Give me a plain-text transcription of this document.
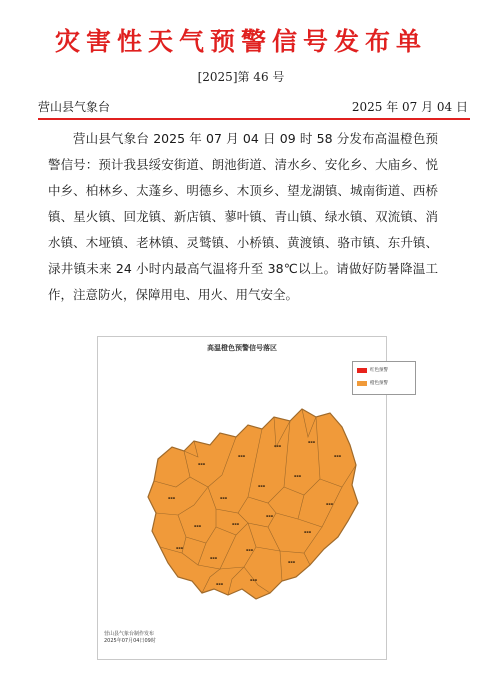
灾害性天气预警信号发布单
[2025]第 46 号
营山县气象台	2025 年 07 月 04 日
营山县气象台 2025 年 07 月 04 日 09 时 58 分发布高温橙色预警信号：预计我县绥安街道、朗池街道、清水乡、安化乡、大庙乡、悦中乡、柏林乡、太蓬乡、明德乡、木顶乡、望龙湖镇、城南街道、西桥镇、星火镇、回龙镇、新店镇、蓼叶镇、青山镇、绿水镇、双流镇、消水镇、木垭镇、老林镇、灵鹫镇、小桥镇、黄渡镇、骆市镇、东升镇、渌井镇未来 24 小时内最高气温将升至 38℃以上。请做好防暑降温工作，注意防火，保障用电、用火、用气安全。
▪▪▪
▪▪▪
▪▪▪
▪▪▪
▪▪▪
▪▪▪	▪▪▪
▪▪▪
▪▪▪
▪▪▪
▪▪▪	▪▪▪
▪▪▪
▪▪▪
▪▪▪
▪▪▪
▪▪▪
▪▪▪
▪▪▪
▪▪▪
高温橙色预警信号落区
红色预警
橙色预警
营山县气象台制作发布
2025年07月04日09时
